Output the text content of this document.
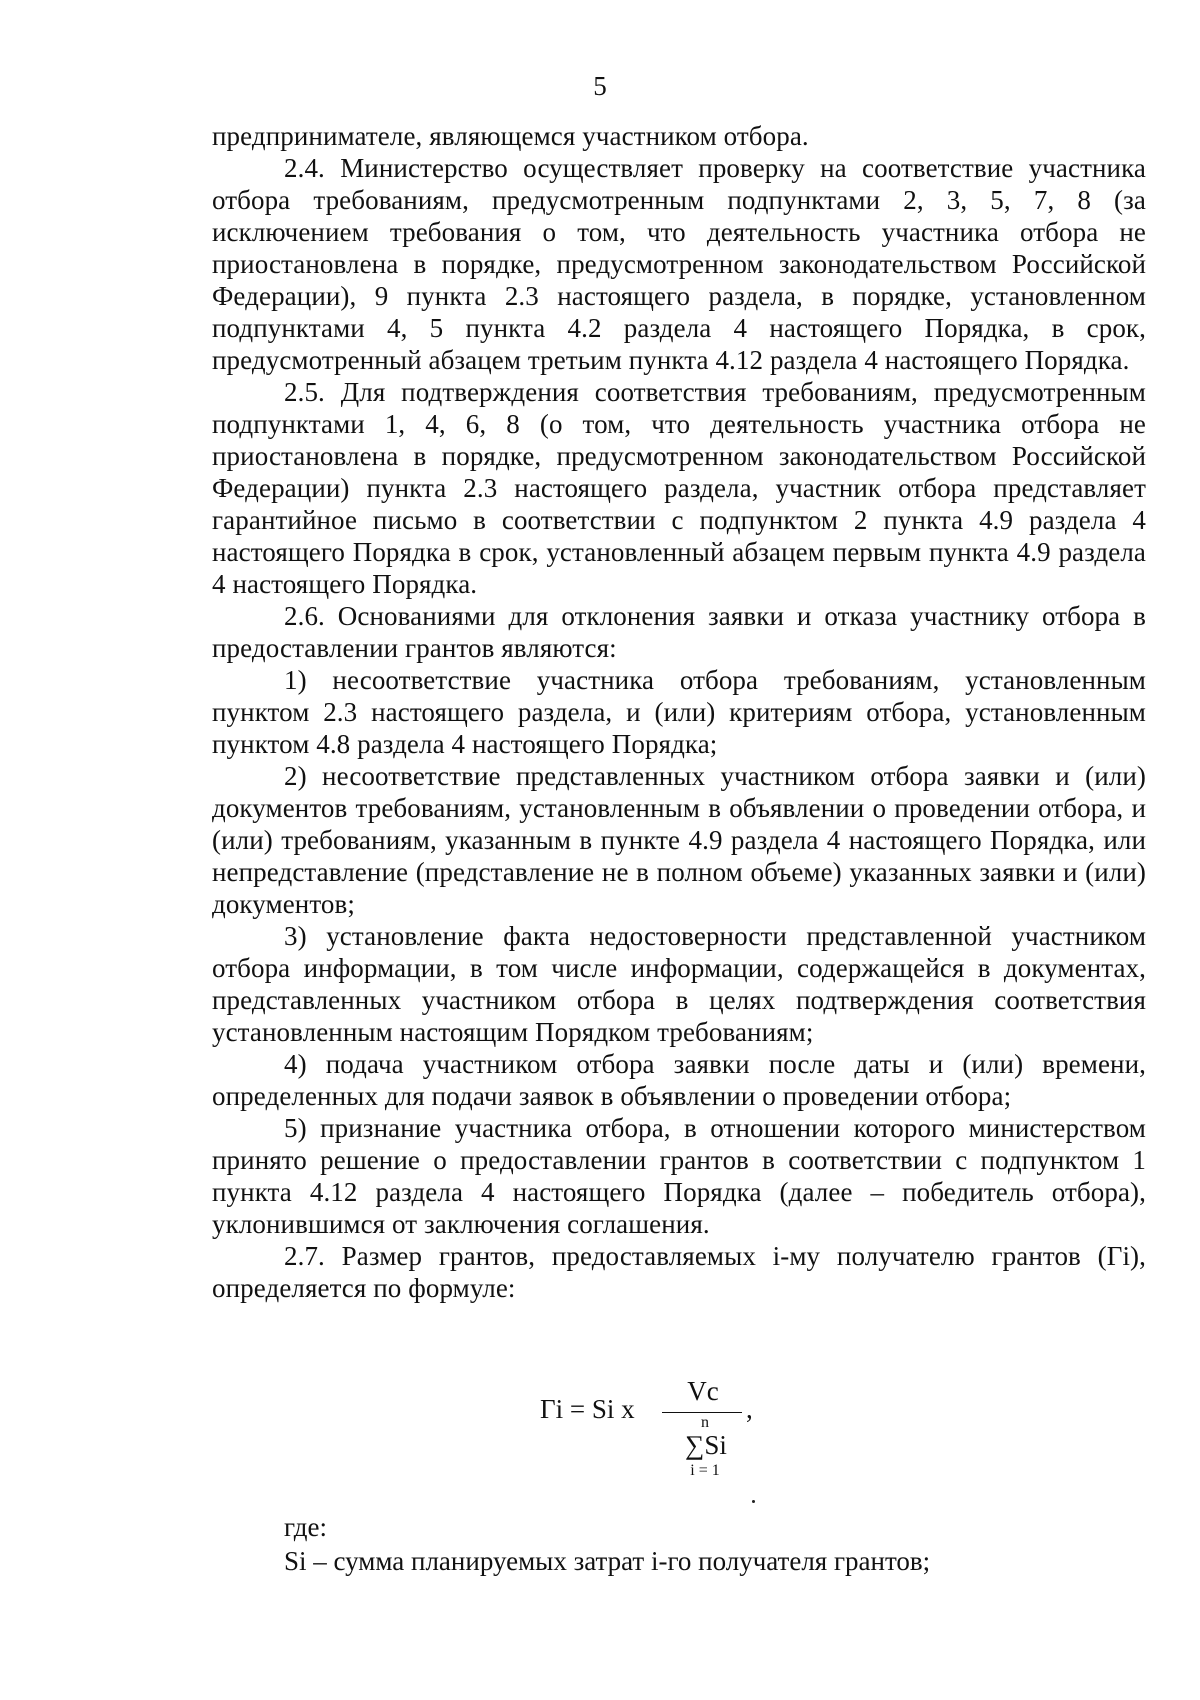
5

предпринимателе, являющемся участником отбора.

2.4. Министерство осуществляет проверку на соответствие участника отбора требованиям, предусмотренным подпунктами 2, 3, 5, 7, 8 (за исключением требования о том, что деятельность участника отбора не приостановлена в порядке, предусмотренном законодательством Российской Федерации), 9 пункта 2.3 настоящего раздела, в порядке, установленном подпунктами 4, 5 пункта 4.2 раздела 4 настоящего Порядка, в срок, предусмотренный абзацем третьим пункта 4.12 раздела 4 настоящего Порядка.

2.5. Для подтверждения соответствия требованиям, предусмотренным подпунктами 1, 4, 6, 8 (о том, что деятельность участника отбора не приостановлена в порядке, предусмотренном законодательством Российской Федерации) пункта 2.3 настоящего раздела, участник отбора представляет гарантийное письмо в соответствии с подпунктом 2 пункта 4.9 раздела 4 настоящего Порядка в срок, установленный абзацем первым пункта 4.9 раздела 4 настоящего Порядка.

2.6. Основаниями для отклонения заявки и отказа участнику отбора в предоставлении грантов являются:

1) несоответствие участника отбора требованиям, установленным пунктом 2.3 настоящего раздела, и (или) критериям отбора, установленным пунктом 4.8 раздела 4 настоящего Порядка;

2) несоответствие представленных участником отбора заявки и (или) документов требованиям, установленным в объявлении о проведении отбора, и (или) требованиям, указанным в пункте 4.9 раздела 4 настоящего Порядка, или непредставление (представление не в полном объеме) указанных заявки и (или) документов;

3) установление факта недостоверности представленной участником отбора информации, в том числе информации, содержащейся в документах, представленных участником отбора в целях подтверждения соответствия установленным настоящим Порядком требованиям;

4) подача участником отбора заявки после даты и (или) времени, определенных для подачи заявок в объявлении о проведении отбора;

5) признание участника отбора, в отношении которого министерством принято решение о предоставлении грантов в соответствии с подпунктом 1 пункта 4.12 раздела 4 настоящего Порядка (далее – победитель отбора), уклонившимся от заключения соглашения.

2.7. Размер грантов, предоставляемых i-му получателю грантов (Гi), определяется по формуле:

Гi = Si х
Vc
,
n
∑Si
i = 1

где:

Si – сумма планируемых затрат i-го получателя грантов;
